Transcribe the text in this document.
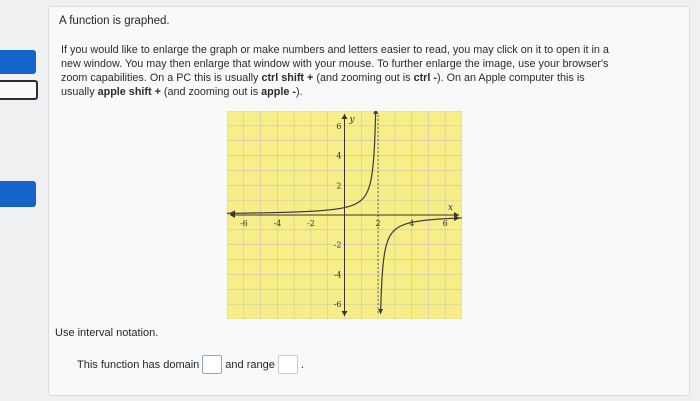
A function is graphed.
If you would like to enlarge the graph or make numbers and letters easier to read, you may click on it to open it in a new window. You may then enlarge that window with your mouse. To further enlarge the image, use your browser's zoom capabilities. On a PC this is usually ctrl shift + (and zooming out is ctrl -). On an Apple computer this is usually apple shift + (and zooming out is apple -).
-6	-4	-2	2	4	6
6
4
2
-2
-4
-6
x
y
Use interval notation.
This function has domain and range .
